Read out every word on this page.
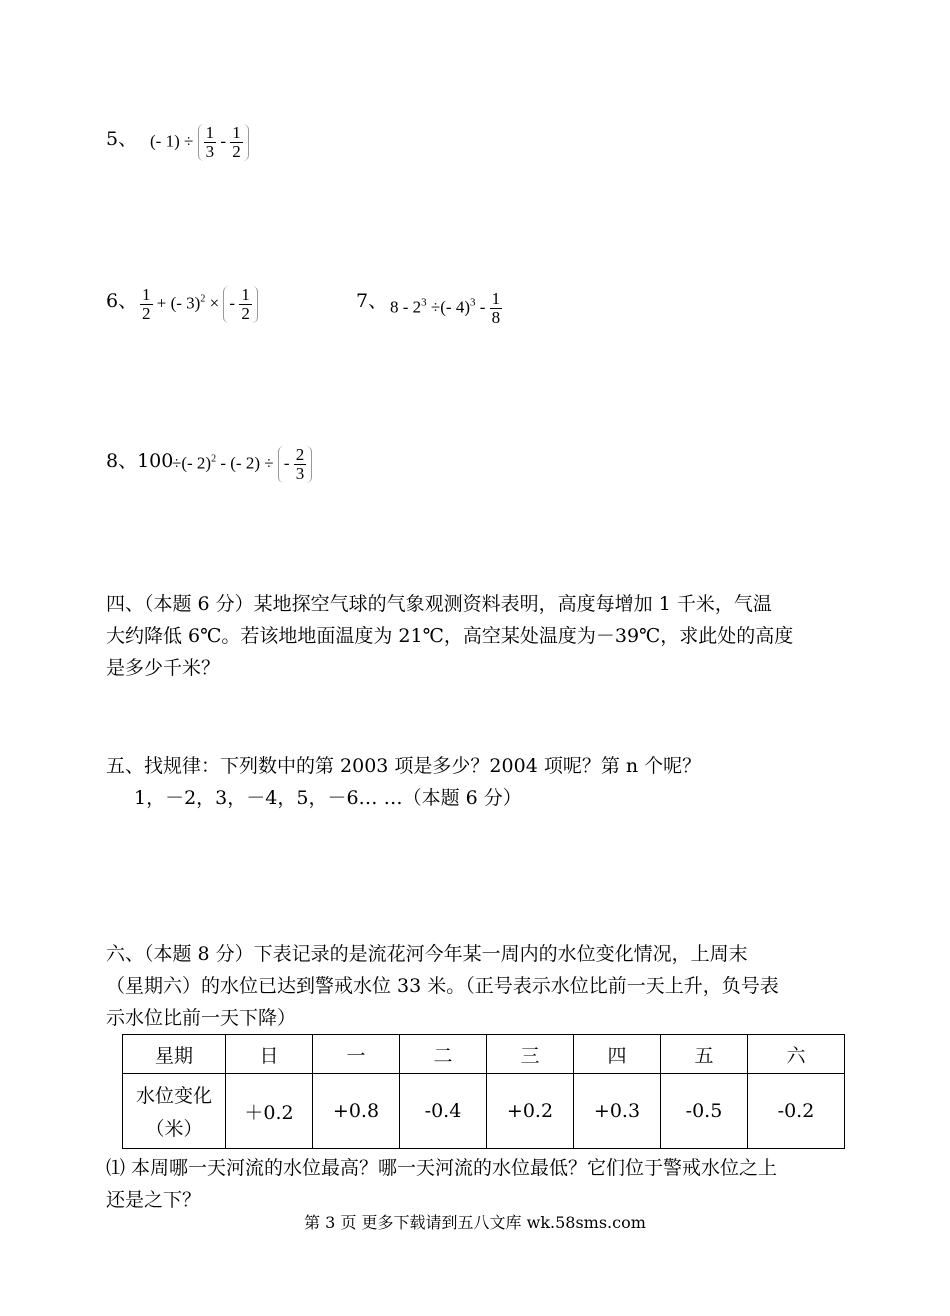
5、 (- $1) \div \frac{1}{3} - \frac{1}{2}$
6、 $\frac{1}{2}$ + (- 3)$^2$ × - $\frac{1}{2}$	7、 $8 - 2^3$ ÷(- $4)^3 - \frac{1}{8}$
8、100
÷(- 2)$^2$ - (- 2) ÷ - $\frac{2}{3}$
四、（本题 6 分）某地探空气球的气象观测资料表明，高度每增加 1 千米，气温
大约降低 6℃。若该地地面温度为 21℃，高空某处温度为－39℃，求此处的高度
是多少千米？
五、找规律：下列数中的第 2003 项是多少？2004 项呢？第 n 个呢？
1，－2，3，－4，5，－6… …（本题 6 分）
六、（本题 8 分）下表记录的是流花河今年某一周内的水位变化情况，上周末
（星期六）的水位已达到警戒水位 33 米。（正号表示水位比前一天上升，负号表
示水位比前一天下降）
星期	日	一	二	三	四	五	六

水位变化
（米）	＋0.2	+0.8	-0.4	+0.2	+0.3	-0.5	-0.2
⑴ 本周哪一天河流的水位最高？哪一天河流的水位最低？它们位于警戒水位之上
还是之下？
第 3 页 更多下载请到五八文库 wk.58sms.com
